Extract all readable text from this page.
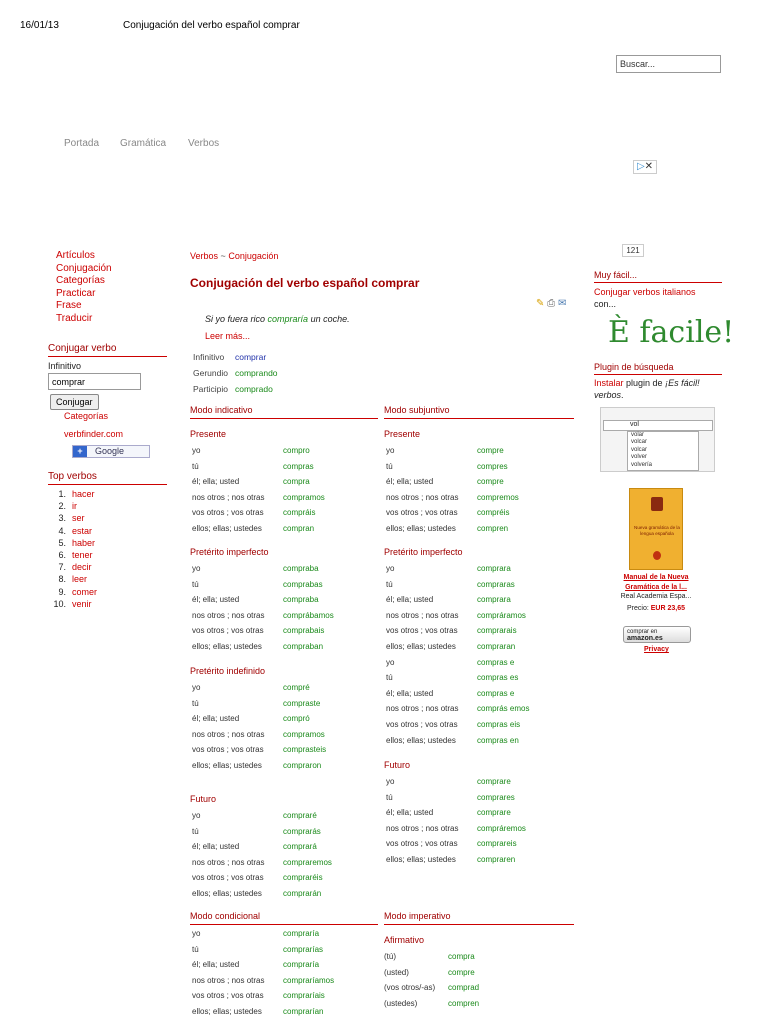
16/01/13	Conjugación del verbo español comprar
Buscar...
Portada Gramática Verbos
▷✕
Artículos
Conjugación
Categorías
Practicar
Frase
Traducir
Conjugar verbo
Infinitivo
comprar
Conjugar
Categorías
verbfinder.com
+ Google
Top verbos
1. hacer
2. ir
3. ser
4. estar
5. haber
6. tener
7. decir
8. leer
9. comer
10. venir
Verbos ~ Conjugación
Conjugación del verbo español comprar
✎ ⎙ ✉
Si yo fuera rico compraría un coche.
Leer más...
Infinitivo	comprar
Gerundio comprando
Participio comprado
Modo indicativo	Modo subjuntivo
Presente
yo	compro
tú	compras
él; ella; usted	compra
nos otros ; nos otras	compramos
vos otros ; vos otras	compráis
ellos; ellas; ustedes	compran
Pretérito imperfecto
yo	compraba
tú	comprabas
él; ella; usted	compraba
nos otros ; nos otras	comprábamos
vos otros ; vos otras	comprabais
ellos; ellas; ustedes	compraban
Pretérito indefinido
yo	compré
tú	compraste
él; ella; usted	compró
nos otros ; nos otras	compramos
vos otros ; vos otras	comprasteis
ellos; ellas; ustedes	compraron
Futuro
yo	compraré
tú	comprarás
él; ella; usted	comprará
nos otros ; nos otras	compraremos
vos otros ; vos otras	compraréis
ellos; ellas; ustedes	comprarán
Modo condicional
yo	compraría
tú	comprarías
él; ella; usted	compraría
nos otros ; nos otras	compraríamos
vos otros ; vos otras	compraríais
ellos; ellas; ustedes	comprarían
Presente
yo	compre
tú	compres
él; ella; usted	compre
nos otros ; nos otras	compremos
vos otros ; vos otras	compréis
ellos; ellas; ustedes	compren
Pretérito imperfecto
yo	comprara
tú	compraras
él; ella; usted	comprara
nos otros ; nos otras	compráramos
vos otros ; vos otras	comprarais
ellos; ellas; ustedes	compraran
yo	compras e
tú	compras es
él; ella; usted	compras e
nos otros ; nos otras	comprás emos
vos otros ; vos otras	compras eis
ellos; ellas; ustedes	compras en
Futuro
yo	comprare
tú	comprares
él; ella; usted	comprare
nos otros ; nos otras	compráremos
vos otros ; vos otras	comprareis
ellos; ellas; ustedes	compraren
Modo imperativo
Afirmativo
(tú)	compra
(usted)	compre
(vos otros/-as)	comprad
(ustedes)	compren
121
Muy fácil...
Conjugar verbos italianos
con...
È facile!
Plugin de búsqueda
Instalar plugin de ¡Es fácil! verbos.
vol
volar
volcar
volcar
volver
volvería
Nueva gramática de la lengua española
Manual de la Nueva Gramática de la l...
Real Academia Espa...
Precio: EUR 23,65
comprar en
amazon.es
Privacy
